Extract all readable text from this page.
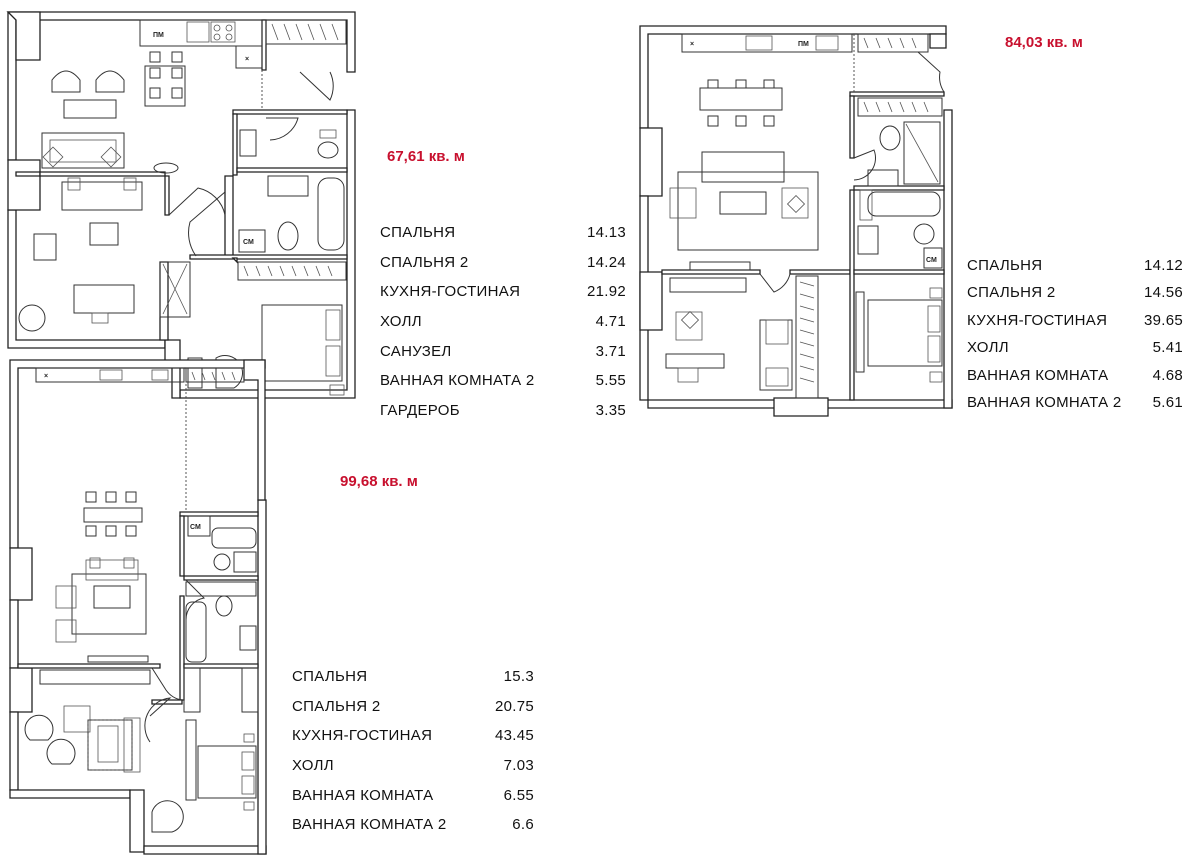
ПМ
×
СМ
×	ПМ
СМ
×
СМ
67,61 кв. м
84,03 кв. м
99,68 кв. м
СПАЛЬНЯ	14.13
СПАЛЬНЯ 2	14.24
КУХНЯ-ГОСТИНАЯ	21.92
ХОЛЛ	4.71
САНУЗЕЛ	3.71
ВАННАЯ КОМНАТА 2	5.55
ГАРДЕРОБ	3.35
СПАЛЬНЯ	14.12
СПАЛЬНЯ 2	14.56
КУХНЯ-ГОСТИНАЯ 39.65
ХОЛЛ	5.41
ВАННАЯ КОМНАТА	4.68
ВАННАЯ КОМНАТА 2 5.61
СПАЛЬНЯ	15.3
СПАЛЬНЯ 2	20.75
КУХНЯ-ГОСТИНАЯ	43.45
ХОЛЛ	7.03
ВАННАЯ КОМНАТА	6.55
ВАННАЯ КОМНАТА 2	6.6
